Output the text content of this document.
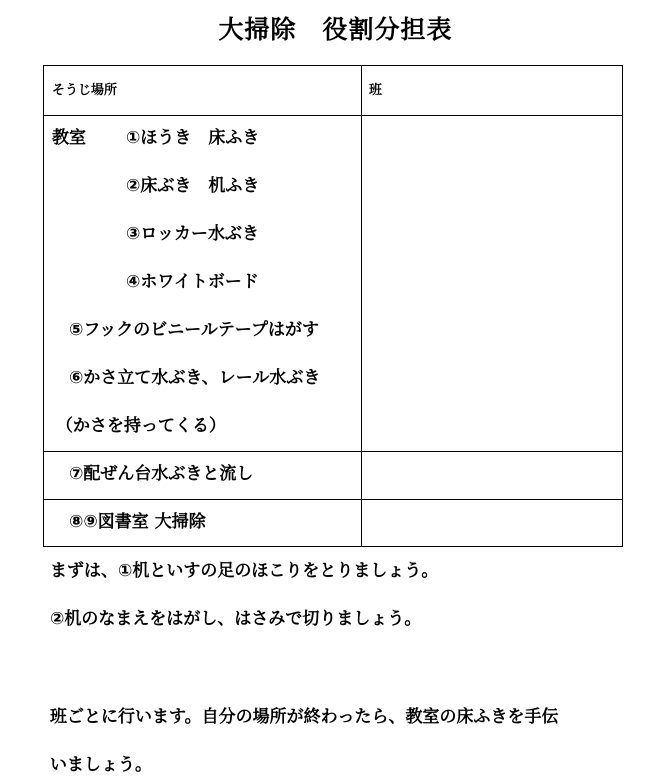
大掃除　役割分担表
そうじ場所	班
教室 ①ほうき　床ふき
②床ぶき　机ふき
③ロッカー水ぶき
④ホワイトボード
⑤フックのビニールテープはがす
⑥かさ立て水ぶき、レール水ぶき
（かさを持ってくる）
⑦配ぜん台水ぶきと流し
⑧⑨図書室 大掃除
まずは、①机といすの足のほこりをとりましょう。
②机のなまえをはがし、はさみで切りましょう。
班ごとに行います。自分の場所が終わったら、教室の床ふきを手伝
いましょう。
